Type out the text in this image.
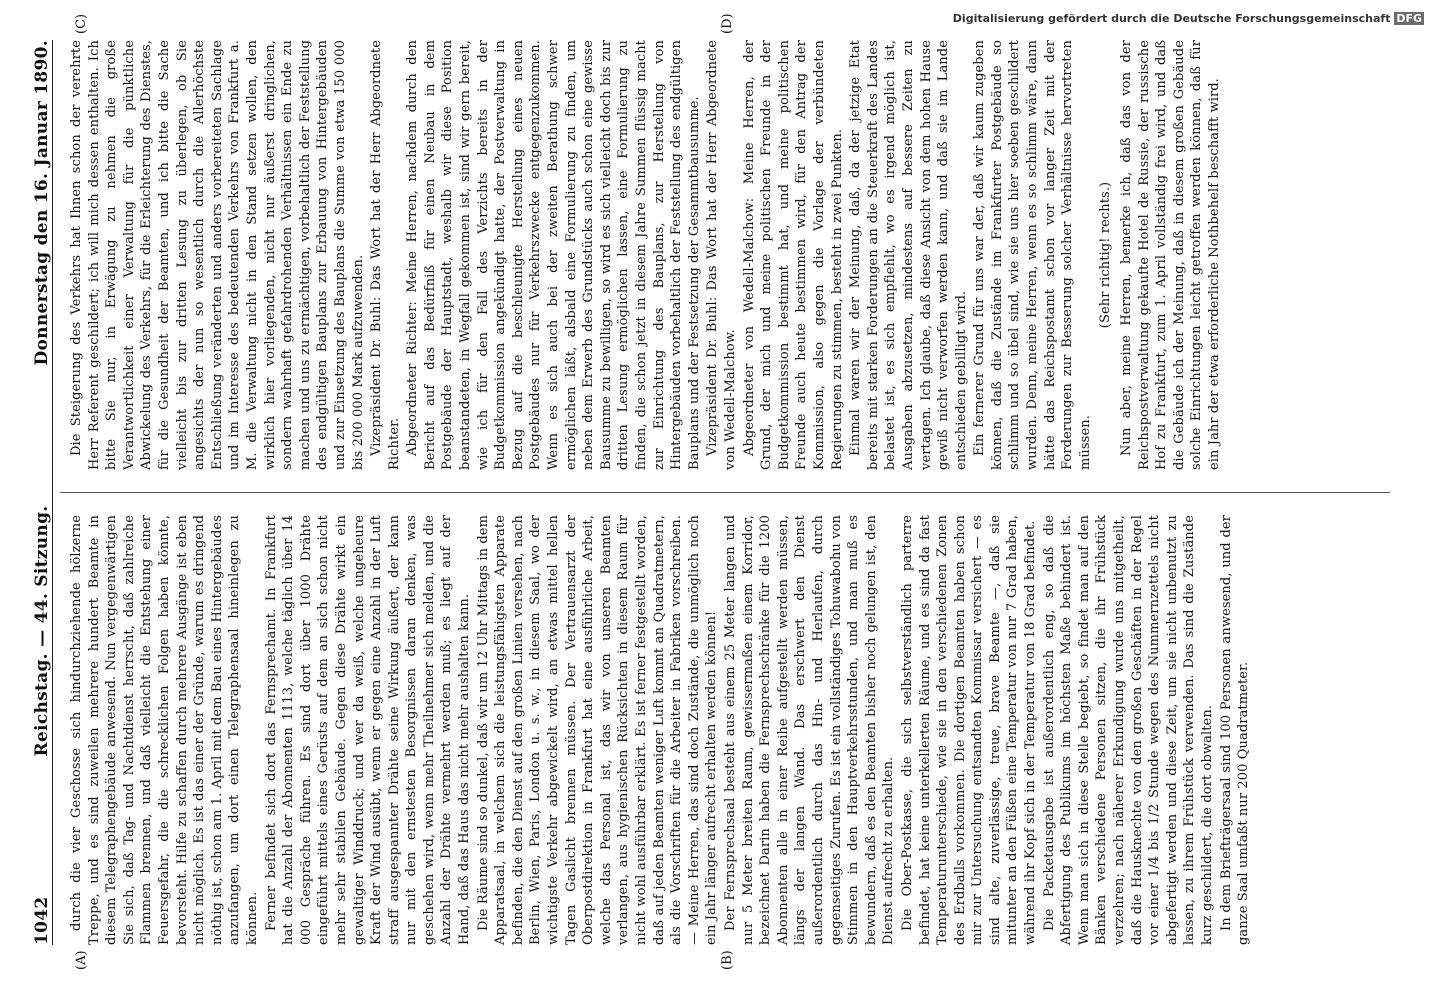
1042
Reichstag. — 44. Sitzung.
Donnerstag den 16. Januar 1890.
(A)	(B)
(C)	(D)

durch die vier Geschosse sich hindurchziehende hölzerne Treppe, und es sind zuweilen mehrere hundert Beamte in diesem Telegraphengebäude anwesend. Nun vergegenwärtigen Sie sich, daß Tag- und Nachtdienst herrscht, daß zahlreiche Flammen brennen, und daß vielleicht die Entstehung einer Feuersgefahr, die die schrecklichen Folgen haben könnte, bevorsteht. Hilfe zu schaffen durch mehrere Ausgänge ist eben nicht möglich. Es ist das einer der Gründe, warum es dringend nöthig ist, schon am 1. April mit dem Bau eines Hintergebäudes anzufangen, um dort einen Telegraphensaal hineinlegen zu können. Ferner befindet sich dort das Fernsprechamt. In Frankfurt hat die Anzahl der Abonnenten 1113, welche täglich über 14 000 Gespräche führen. Es sind dort über 1000 Drähte eingeführt mittels eines Gerüsts auf dem an sich schon nicht mehr sehr stabilen Gebäude. Gegen diese Drähte wirkt ein gewaltiger Winddruck; und wer da weiß, welche ungeheure Kraft der Wind ausübt, wenn er gegen eine Anzahl in der Luft straff ausgespannter Drähte seine Wirkung äußert, der kann nur mit den ernstesten Besorgnissen daran denken, was geschehen wird, wenn mehr Theilnehmer sich melden, und die Anzahl der Drähte vermehrt werden muß; es liegt auf der Hand, daß das Haus das nicht mehr aushalten kann. Die Räume sind so dunkel, daß wir um 12 Uhr Mittags in dem Apparatsaal, in welchem sich die leistungsfähigsten Apparate befinden, die den Dienst auf den großen Linien versehen, nach Berlin, Wien, Paris, London u. s. w., in diesem Saal, wo der wichtigste Verkehr abgewickelt wird, an etwas mittel hellen Tagen Gaslicht brennen müssen. Der Vertrauensarzt der Oberpostdirektion in Frankfurt hat eine ausführliche Arbeit, welche das Personal ist, das wir von unseren Beamten verlangen, aus hygienischen Rücksichten in diesem Raum für nicht wohl ausführbar erklärt. Es ist ferner festgestellt worden, daß auf jeden Beamten weniger Luft kommt an Quadratmetern, als die Vorschriften für die Arbeiter in Fabriken vorschreiben. — Meine Herren, das sind doch Zustände, die unmöglich noch ein Jahr länger aufrecht erhalten werden können! Der Fernsprechsaal besteht aus einem 25 Meter langen und nur 5 Meter breiten Raum, gewissermaßen einem Korridor, bezeichnet Darin haben die Fernsprechschränke für die 1200 Abonnenten alle in einer Reihe aufgestellt werden müssen, längs der langen Wand. Das erschwert den Dienst außerordentlich durch das Hin- und Herlaufen, durch gegenseitiges Zurufen. Es ist ein vollständiges Tohuwabohu von Stimmen in den Hauptverkehrsstunden, und man muß es bewundern, daß es den Beamten bisher noch gelungen ist, den Dienst aufrecht zu erhalten. Die Ober-Postkasse, die sich selbstverständlich parterre befindet, hat keine unterkellerten Räume, und es sind da fast Temperaturunterschiede, wie sie in den verschiedenen Zonen des Erdballs vorkommen. Die dortigen Beamten haben schon mir zur Untersuchung entsandten Kommissar versichert — es sind alte, zuverlässige, treue, brave Beamte —, daß sie mitunter an den Füßen eine Temperatur von nur 7 Grad haben, während ihr Kopf sich in der Temperatur von 18 Grad befindet. Die Packetausgabe ist außerordentlich eng, so daß die Abfertigung des Publikums im höchsten Maße behindert ist. Wenn man sich in diese Stelle begiebt, so findet man auf den Bänken verschiedene Personen sitzen, die ihr Frühstück verzehren; nach näherer Erkundigung wurde uns mitgetheilt, daß die Hausknechte von den großen Geschäften in der Regel vor einer 1/4 bis 1/2 Stunde wegen des Nummernzettels nicht abgefertigt werden und diese Zeit, um sie nicht unbenutzt zu lassen, zu ihrem Frühstück verwenden. Das sind die Zustände kurz geschildert, die dort obwalten. In dem Briefträgersaal sind 100 Personen anwesend, und der ganze Saal umfaßt nur 200 Quadratmeter.

Die Steigerung des Verkehrs hat Ihnen schon der verehrte Herr Referent geschildert; ich will mich dessen enthalten. Ich bitte Sie nur, in Erwägung zu nehmen die große Verantwortlichkeit einer Verwaltung für die pünktliche Abwickelung des Verkehrs, für die Erleichterung des Dienstes, für die Gesundheit der Beamten, und ich bitte die Sache vielleicht bis zur dritten Lesung zu überlegen, ob Sie angesichts der nun so wesentlich durch die Allerhöchste Entschließung veränderten und anders vorbereiteten Sachlage und im Interesse des bedeutenden Verkehrs von Frankfurt a. M. die Verwaltung nicht in den Stand setzen wollen, den wirklich hier vorliegenden, nicht nur äußerst dringlichen, sondern wahrhaft gefahrdrohenden Verhältnissen ein Ende zu machen und uns zu ermächtigen, vorbehaltlich der Feststellung des endgültigen Bauplans zur Erbauung von Hintergebäuden und zur Einsetzung des Bauplans die Summe von etwa 150 000 bis 200 000 Mark aufzuwenden. Vizepräsident Dr. Buhl: Das Wort hat der Herr Abgeordnete Richter. Abgeordneter Richter: Meine Herren, nachdem durch den Bericht auf das Bedürfniß für einen Neubau in dem Postgebäude der Hauptstadt, weshalb wir diese Position beanstandeten, in Wegfall gekommen ist, sind wir gern bereit, wie ich für den Fall des Verzichts bereits in der Budgetkommission angekündigt hatte, der Postverwaltung in Bezug auf die beschleunigte Herstellung eines neuen Postgebäudes nur für Verkehrszwecke entgegenzukommen. Wenn es sich auch bei der zweiten Berathung schwer ermöglichen läßt, alsbald eine Formulierung zu finden, um neben dem Erwerb des Grundstücks auch schon eine gewisse Bausumme zu bewilligen, so wird es sich vielleicht doch bis zur dritten Lesung ermöglichen lassen, eine Formulierung zu finden, die schon jetzt in diesem Jahre Summen flüssig macht zur Einrichtung des Bauplans, zur Herstellung von Hintergebäuden vorbehaltlich der Feststellung des endgültigen Bauplans und der Festsetzung der Gesammtbausumme. Vizepräsident Dr. Buhl: Das Wort hat der Herr Abgeordnete von Wedell-Malchow. Abgeordneter von Wedell-Malchow: Meine Herren, der Grund, der mich und meine politischen Freunde in der Budgetkommission bestimmt hat, und meine politischen Freunde auch heute bestimmen wird, für den Antrag der Kommission, also gegen die Vorlage der verbündeten Regierungen zu stimmen, besteht in zwei Punkten. Einmal waren wir der Meinung, daß, da der jetzige Etat bereits mit starken Forderungen an die Steuerkraft des Landes belastet ist, es sich empfiehlt, wo es irgend möglich ist, Ausgaben abzusetzen, mindestens auf bessere Zeiten zu vertagen. Ich glaube, daß diese Ansicht von dem hohen Hause gewiß nicht verworfen werden kann, und daß sie im Lande entschieden gebilligt wird. Ein fernerer Grund für uns war der, daß wir kaum zugeben können, daß die Zustände im Frankfurter Postgebäude so schlimm und so übel sind, wie sie uns hier soeben geschildert wurden. Denn, meine Herren, wenn es so schlimm wäre, dann hätte das Reichspostamt schon vor langer Zeit mit der Forderungen zur Besserung solcher Verhältnisse hervortreten müssen.

(Sehr richtig! rechts.) Nun aber, meine Herren, bemerke ich, daß das von der Reichspostverwaltung gekaufte Hotel de Russie, der russische Hof zu Frankfurt, zum 1. April vollständig frei wird, und daß die Gebäude ich der Meinung, daß in diesem großen Gebäude solche Einrichtungen leicht getroffen werden können, daß für ein Jahr der etwa erforderliche Nothbehelf beschafft wird.

Digitalisierung gefördert durch die Deutsche Forschungsgemeinschaft DFG
